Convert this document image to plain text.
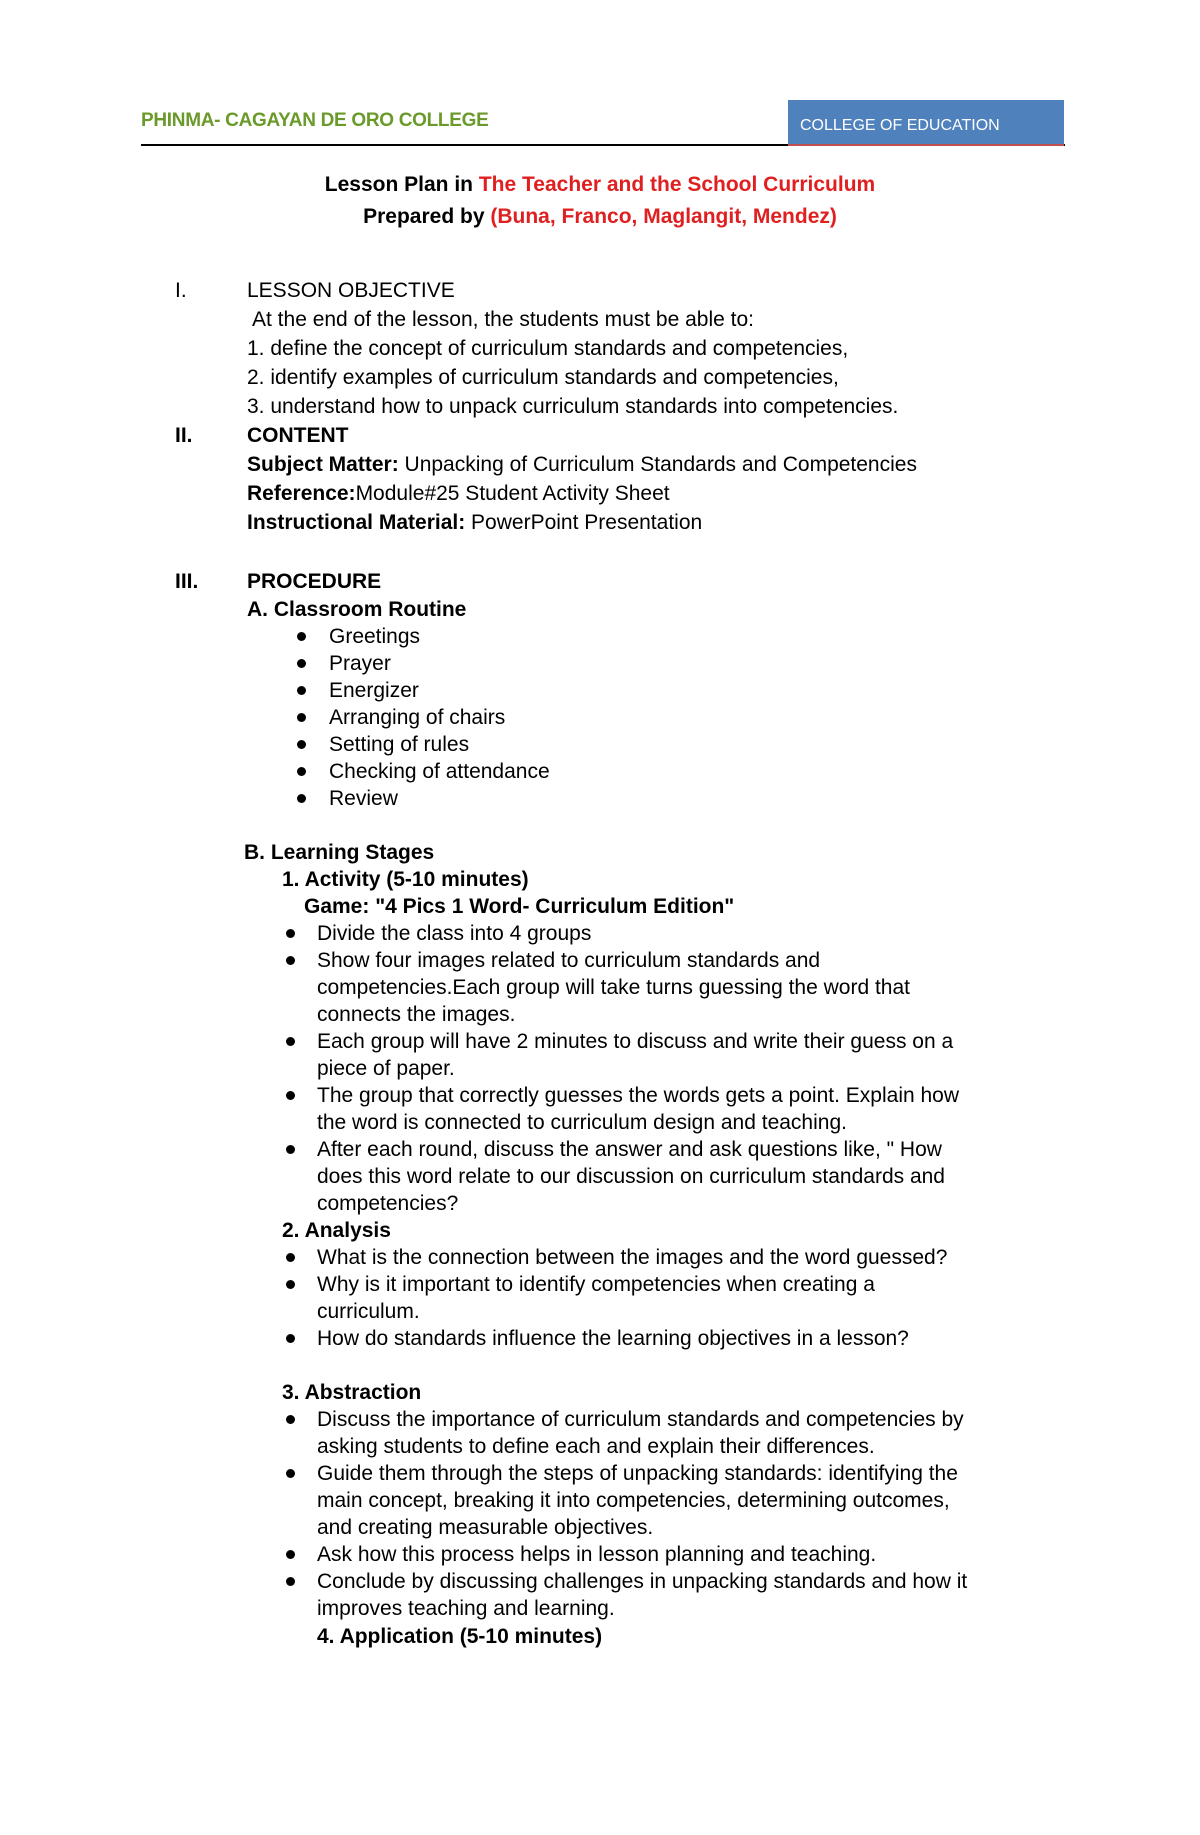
PHINMA- CAGAYAN DE ORO COLLEGE	COLLEGE OF EDUCATION
Lesson Plan in The Teacher and the School Curriculum
Prepared by (Buna, Franco, Maglangit, Mendez)
I.	LESSON OBJECTIVE
At the end of the lesson, the students must be able to:
1. define the concept of curriculum standards and competencies,
2. identify examples of curriculum standards and competencies,
3. understand how to unpack curriculum standards into competencies.
II.	CONTENT
Subject Matter: Unpacking of Curriculum Standards and Competencies
Reference:Module#25 Student Activity Sheet
Instructional Material: PowerPoint Presentation
III. PROCEDURE
A. Classroom Routine
Greetings
Prayer
Energizer
Arranging of chairs
Setting of rules
Checking of attendance
Review
B. Learning Stages
1. Activity (5-10 minutes)
Game: "4 Pics 1 Word- Curriculum Edition"
Divide the class into 4 groups
Show four images related to curriculum standards and
competencies.Each group will take turns guessing the word that
connects the images.
Each group will have 2 minutes to discuss and write their guess on a
piece of paper.
The group that correctly guesses the words gets a point. Explain how
the word is connected to curriculum design and teaching.
After each round, discuss the answer and ask questions like, " How
does this word relate to our discussion on curriculum standards and
competencies?
2. Analysis
What is the connection between the images and the word guessed?
Why is it important to identify competencies when creating a
curriculum.
How do standards influence the learning objectives in a lesson?
3. Abstraction
Discuss the importance of curriculum standards and competencies by
asking students to define each and explain their differences.
Guide them through the steps of unpacking standards: identifying the
main concept, breaking it into competencies, determining outcomes,
and creating measurable objectives.
Ask how this process helps in lesson planning and teaching.
Conclude by discussing challenges in unpacking standards and how it
improves teaching and learning.
4. Application (5-10 minutes)
